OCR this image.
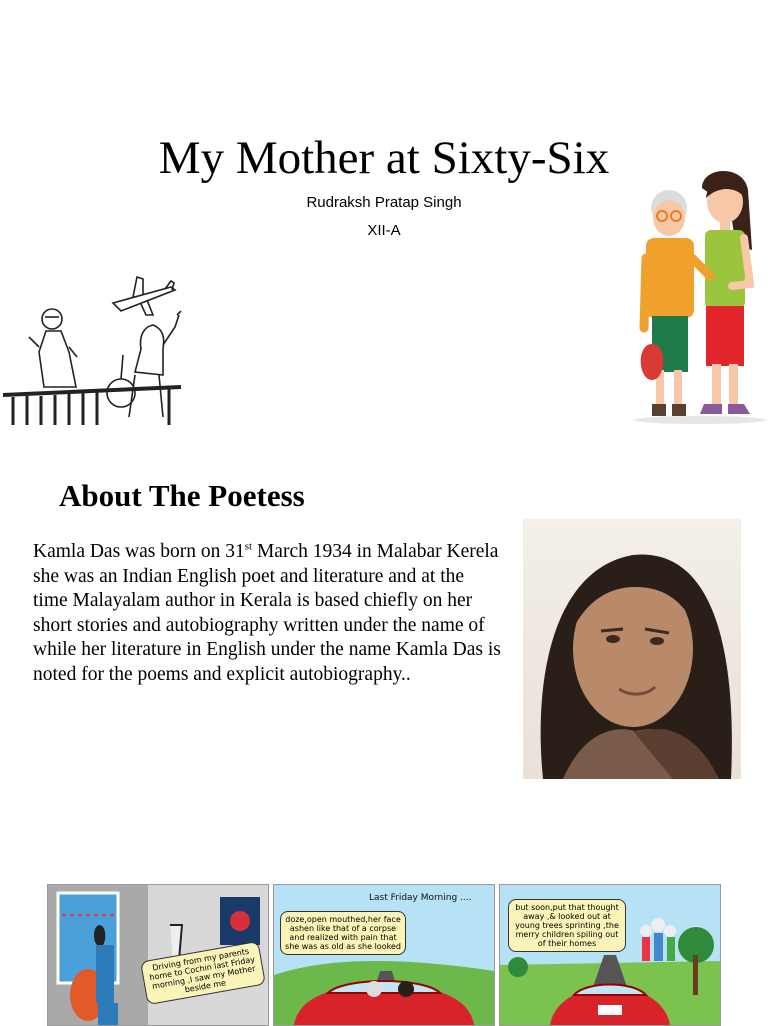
My Mother at Sixty-Six
Rudraksh Pratap Singh
XII-A
About The Poetess
Kamla Das was born on 31st March 1934 in Malabar Kerela she was an Indian English poet and literature and at the time Malayalam author in Kerala is based chiefly on her short stories and autobiography written under the name of while her literature in English under the name Kamla Das is noted for the poems and explicit autobiography..
Driving from my parents home to Cochin last Friday morning ,I saw my Mother beside me
Last Friday Morning ....
doze,open mouthed,her face ashen like that of a corpse and realized with pain that she was as old as she looked
but soon,put that thought away ,& looked out at young trees sprinting ,the merry children spiling out of their homes
